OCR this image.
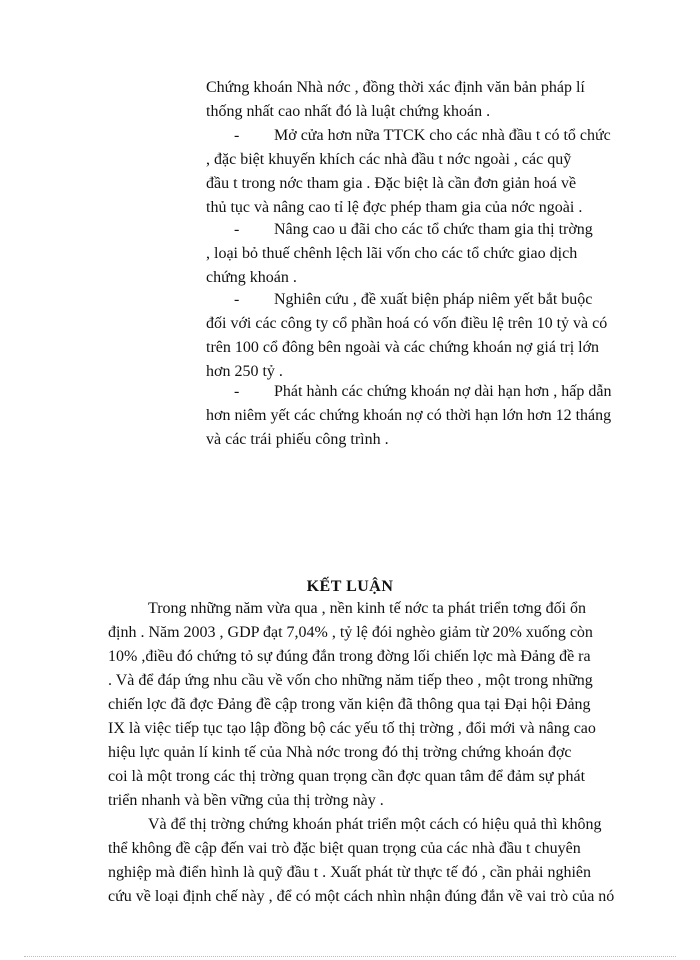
Chứng khoán Nhà nớc , đồng thời xác định văn bản pháp lí
thống nhất cao nhất đó là luật chứng khoán .
Mở cửa hơn nữa TTCK cho các nhà đầu t có tổ chức
-
, đặc biệt khuyến khích các nhà đầu t nớc ngoài , các quỹ
đầu t trong nớc tham gia . Đặc biệt là cần đơn giản hoá về
thủ tục và nâng cao tỉ lệ đợc phép tham gia của nớc ngoài .
Nâng cao u đãi cho các tổ chức tham gia thị trờng
-
, loại bỏ thuế chênh lệch lãi vốn cho các tổ chức giao dịch
chứng khoán .
Nghiên cứu , đề xuất biện pháp niêm yết bắt buộc
-
đối với các công ty cổ phần hoá có vốn điều lệ trên 10 tỷ và có
trên 100 cổ đông bên ngoài và các chứng khoán nợ giá trị lớn
hơn 250 tỷ .
Phát hành các chứng khoán nợ dài hạn hơn , hấp dẫn
-
hơn niêm yết các chứng khoán nợ có thời hạn lớn hơn 12 tháng
và các trái phiếu công trình .
KẾT LUẬN
Trong những năm vừa qua , nền kinh tế nớc ta phát triển tơng đối ổn
định . Năm 2003 , GDP đạt 7,04% , tỷ lệ đói nghèo giảm từ 20% xuống còn
10% ,điều đó chứng tỏ sự đúng đắn trong đờng lối chiến lợc mà Đảng đề ra
. Và để đáp ứng nhu cầu về vốn cho những năm tiếp theo , một trong những
chiến lợc đã đợc Đảng đề cập trong văn kiện đã thông qua tại Đại hội Đảng
IX là việc tiếp tục tạo lập đồng bộ các yếu tố thị trờng , đổi mới và nâng cao
hiệu lực quản lí kinh tế của Nhà nớc trong đó thị trờng chứng khoán đợc
coi là một trong các thị trờng quan trọng cần đợc quan tâm để đảm sự phát
triển nhanh và bền vững của thị trờng này .
Và để thị trờng chứng khoán phát triển một cách có hiệu quả thì không
thể không đề cập đến vai trò đặc biệt quan trọng của các nhà đầu t chuyên
nghiệp mà điển hình là quỹ đầu t . Xuất phát từ thực tế đó , cần phải nghiên
cứu về loại định chế này , để có một cách nhìn nhận đúng đắn về vai trò của nó
